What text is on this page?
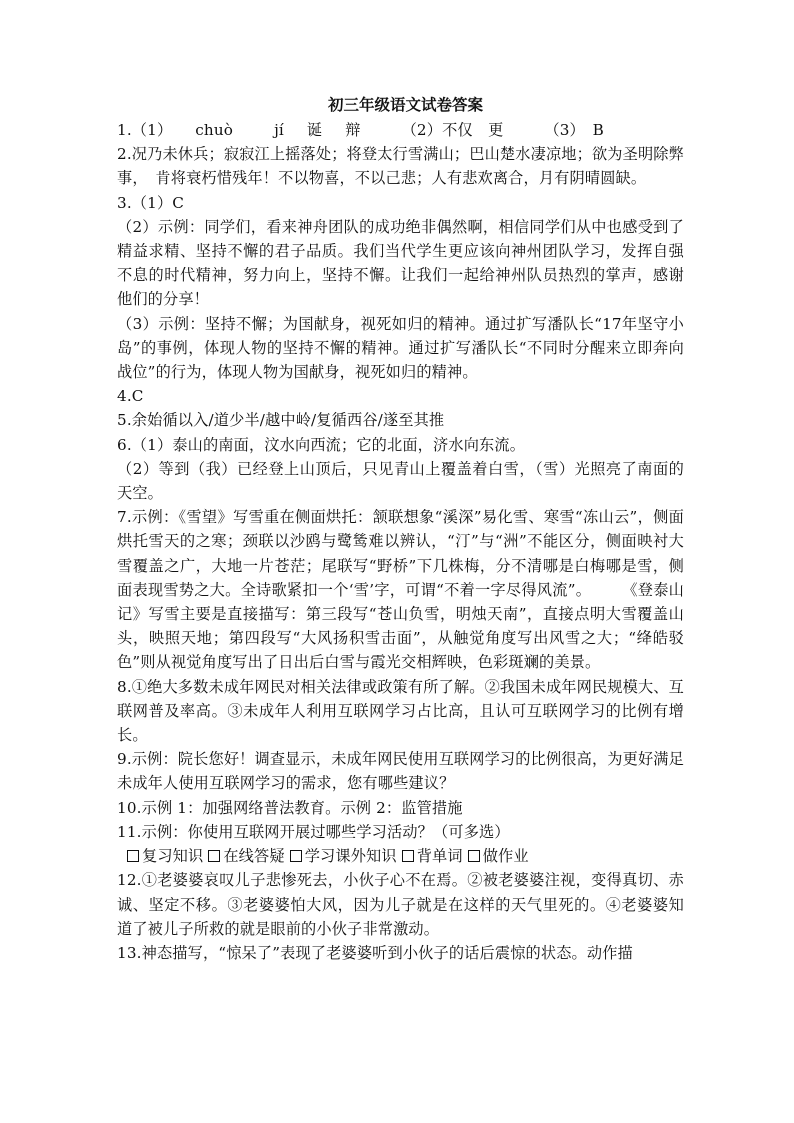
初三年级语文试卷答案

1.（1） chuò	jí 诞 辩	（2）不仅　更	（3）　B

2.况乃未休兵；寂寂江上摇落处；将登太行雪满山；巴山楚水凄凉地；欲为圣明除弊事，　肯将衰朽惜残年！不以物喜，不以己悲；人有悲欢离合，月有阴晴圆缺。

3.（1）C

（2）示例：同学们，看来神舟团队的成功绝非偶然啊，相信同学们从中也感受到了精益求精、坚持不懈的君子品质。我们当代学生更应该向神州团队学习，发挥自强不息的时代精神，努力向上，坚持不懈。让我们一起给神州队员热烈的掌声，感谢他们的分享！

（3）示例：坚持不懈；为国献身，视死如归的精神。通过扩写潘队长“17年坚守小岛”的事例，体现人物的坚持不懈的精神。通过扩写潘队长“不同时分醒来立即奔向战位”的行为，体现人物为国献身，视死如归的精神。

4.C

5.余始循以入/道少半/越中岭/复循西谷/遂至其推

6.（1）泰山的南面，汶水向西流；它的北面，济水向东流。

（2）等到（我）已经登上山顶后，只见青山上覆盖着白雪，（雪）光照亮了南面的天空。

7.示例：《雪望》写雪重在侧面烘托：颔联想象“溪深”易化雪、寒雪“冻山云”，侧面烘托雪天的之寒；颈联以沙鸥与鹭鸶难以辨认，“汀”与“洲”不能区分，侧面映衬大雪覆盖之广，大地一片苍茫；尾联写“野桥”下几株梅，分不清哪是白梅哪是雪，侧面表现雪势之大。全诗歌紧扣一个‘雪’字，可谓“不着一字尽得风流”。　　　	《登泰山记》写雪主要是直接描写：第三段写“苍山负雪，明烛天南”，直接点明大雪覆盖山头，映照天地；第四段写“大风扬积雪击面”，从触觉角度写出风雪之大；“绛皓驳色”则从视觉角度写出了日出后白雪与霞光交相辉映，色彩斑斓的美景。

8.①绝大多数未成年网民对相关法律或政策有所了解。②我国未成年网民规模大、互联网普及率高。③未成年人利用互联网学习占比高，且认可互联网学习的比例有增长。

9.示例：院长您好！调查显示，未成年网民使用互联网学习的比例很高，为更好满足未成年人使用互联网学习的需求，您有哪些建议？

10.示例 1：加强网络普法教育。示例 2：监管措施

11.示例：你使用互联网开展过哪些学习活动？（可多选）

复习知识 在线答疑 学习课外知识 背单词 做作业

12.①老婆婆哀叹儿子悲惨死去，小伙子心不在焉。②被老婆婆注视，变得真切、赤诚、坚定不移。③老婆婆怕大风，因为儿子就是在这样的天气里死的。④老婆婆知道了被儿子所救的就是眼前的小伙子非常激动。

13.神态描写，“惊呆了”表现了老婆婆听到小伙子的话后震惊的状态。动作描
